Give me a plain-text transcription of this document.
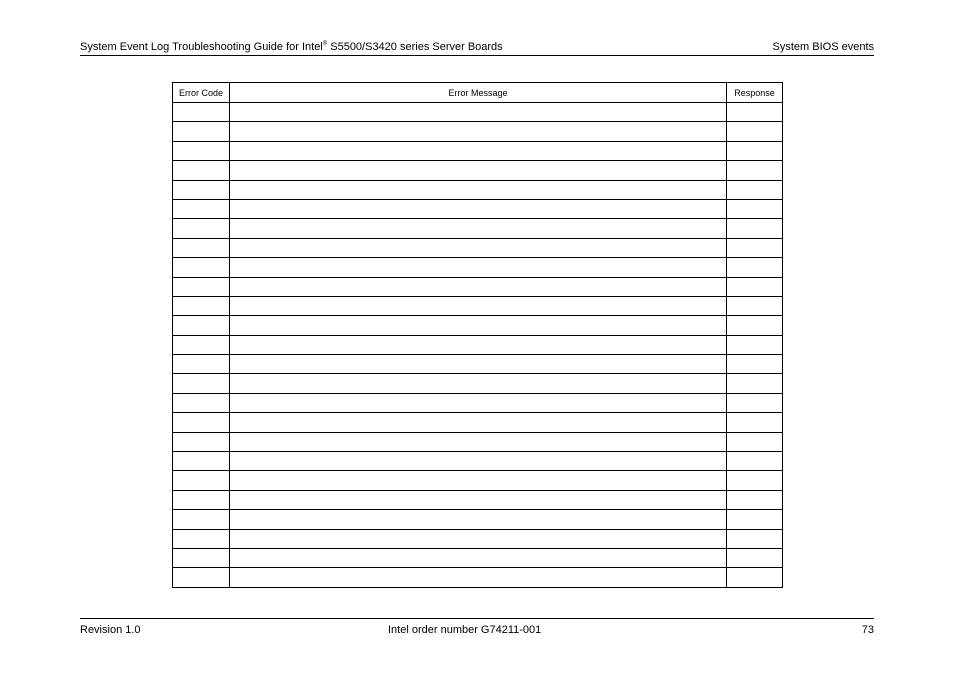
System Event Log Troubleshooting Guide for Intel® S5500/S3420 series Server Boards	System BIOS events
Error Code	Error Message	Response

Revision 1.0	Intel order number G74211-001	73
